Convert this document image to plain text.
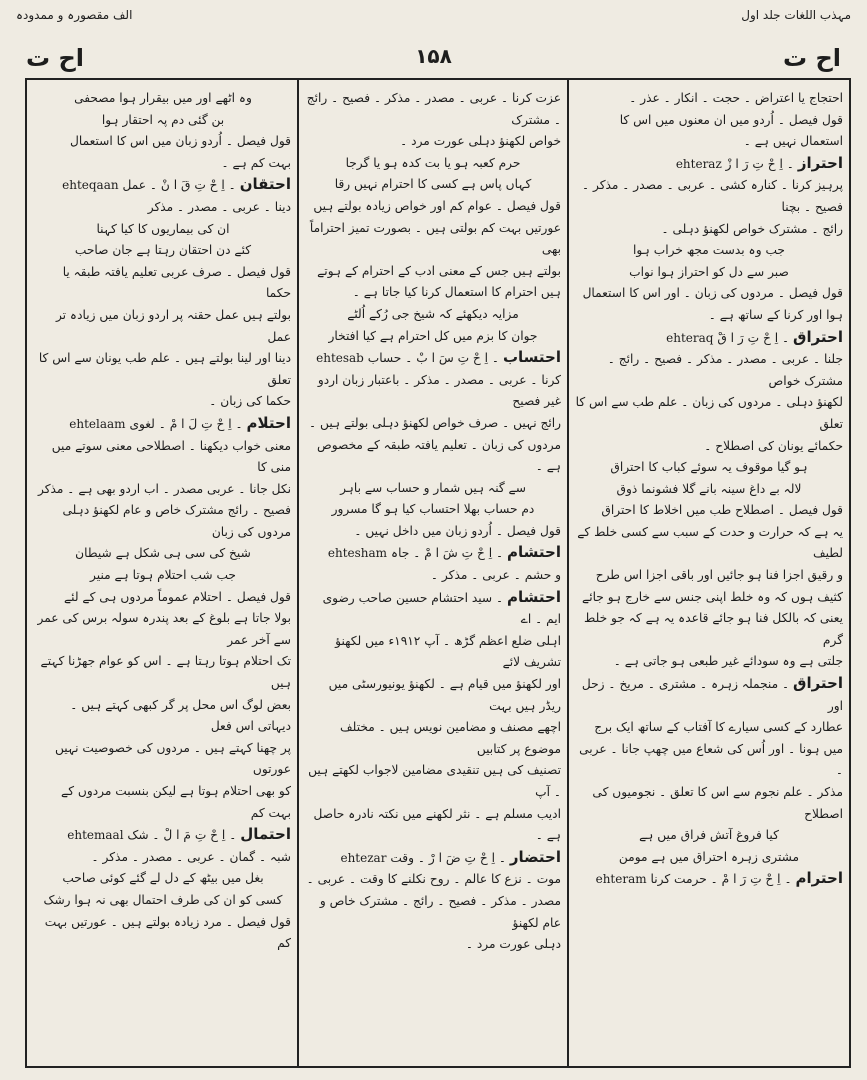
الف مقصورہ و ممدودہ	مہذب اللغات جلد اول
اح ت	۱۵۸	اح ت

احتجاج یا اعتراض ۔ حجت ۔ انکار ۔ عذر ۔

قول فیصل ۔ اُردو میں ان معنوں میں اس کا

استعمال نہیں ہے ۔

احتراز ۔ اِ حْ تِ رَ ا زْ ehteraz

پرہیز کرنا ۔ کنارہ کشی ۔ عربی ۔ مصدر ۔ مذکر ۔ فصیح ۔ بچنا

رائج ۔ مشترک خواص لکھنؤ دہلی ۔

جب وہ بدست مجھ خراب ہوا

صبر سے دل کو احتراز ہوا نواب

قول فیصل ۔ مردوں کی زبان ۔ اور اس کا استعمال

ہوا اور کرنا کے ساتھ ہے ۔

احتراق ۔ اِ حْ تِ رَ ا قْ ehteraq

جلنا ۔ عربی ۔ مصدر ۔ مذکر ۔ فصیح ۔ رائج ۔ مشترک خواص

لکھنؤ دہلی ۔ مردوں کی زبان ۔ علم طب سے اس کا تعلق

حکمائے یونان کی اصطلاح ۔

ہو گیا موقوف یہ سوئے کباب کا احتراق

لالہ بے داغ سینہ بانے گلا فشونما ذوق

قول فیصل ۔ اصطلاح طب میں اخلاط کا احتراق

یہ ہے کہ حرارت و حدت کے سبب سے کسی خلط کے لطیف

و رقیق اجزا فنا ہو جائیں اور باقی اجزا اس طرح

کثیف ہوں کہ وہ خلط اپنی جنس سے خارج ہو جائے

یعنی کہ بالکل فنا ہو جائے قاعدہ یہ ہے کہ جو خلط گرم

جلتی ہے وہ سودائے غیر طبعی ہو جاتی ہے ۔

احتراق ۔ منجملہ زہرہ ۔ مشتری ۔ مریخ ۔ زحل اور

عطارد کے کسی سیارے کا آفتاب کے ساتھ ایک برج

میں ہونا ۔ اور اُس کی شعاع میں چھپ جانا ۔ عربی ۔

مذکر ۔ علم نجوم سے اس کا تعلق ۔ نجومیوں کی اصطلاح

کیا فروغ آتش فراق میں ہے

مشتری زہرہ احتراق میں ہے مومن

احترام ۔ اِ حْ تِ رَ ا مْ ۔ حرمت کرنا ehteram

عزت کرنا ۔ عربی ۔ مصدر ۔ مذکر ۔ فصیح ۔ رائج ۔ مشترک

خواص لکھنؤ دہلی عورت مرد ۔

حرم کعبہ ہو یا بت کدہ ہو یا گرجا

کہاں پاس ہے کسی کا احترام نہیں رقا

قول فیصل ۔ عوام کم اور خواص زیادہ بولتے ہیں

عورتیں بہت کم بولتی ہیں ۔ بصورت تمیز احتراماً بھی

بولتے ہیں جس کے معنی ادب کے احترام کے ہوتے

ہیں احترام کا استعمال کرنا کیا جاتا ہے ۔

مزایہ دیکھئے کہ شیخ جی رُکے اُلٹے

جوان کا بزم میں کل احترام ہے کیا افتخار

احتساب ۔ اِ حْ تِ سَ ا بْ ۔ حساب ehtesab

کرنا ۔ عربی ۔ مصدر ۔ مذکر ۔ باعتبار زبان اردو غیر فصیح

رائج نہیں ۔ صرف خواص لکھنؤ دہلی بولتے ہیں ۔

مردوں کی زبان ۔ تعلیم یافتہ طبقہ کے مخصوص ہے ۔

سے گنہ ہیں شمار و حساب سے باہر

دم حساب بھلا احتساب کیا ہو گا مسرور

قول فیصل ۔ اُردو زبان میں داخل نہیں ۔

احتشام ۔ اِ حْ تِ شَ ا مْ ۔ جاہ ehtesham

و حشم ۔ عربی ۔ مذکر ۔

احتشام ۔ سید احتشام حسین صاحب رضوی ایم ۔ اے

اہلی ضلع اعظم گڑھ ۔ آپ ۱۹۱۲ء میں لکھنؤ تشریف لائے

اور لکھنؤ میں قیام ہے ۔ لکھنؤ یونیورسٹی میں ریڈر ہیں بہت

اچھے مصنف و مضامین نویس ہیں ۔ مختلف موضوع پر کتابیں

تصنیف کی ہیں تنقیدی مضامین لاجواب لکھتے ہیں ۔ آپ

ادیب مسلم ہے ۔ نثر لکھنے میں نکتہ نادرہ حاصل ہے ۔

احتضار ۔ اِ حْ تِ ضَ ا رْ ۔ وقت ehtezar

موت ۔ نزع کا عالم ۔ روح نکلنے کا وقت ۔ عربی ۔

مصدر ۔ مذکر ۔ فصیح ۔ رائج ۔ مشترک خاص و عام لکھنؤ

دہلی عورت مرد ۔

وہ اٹھے اور میں بیقرار ہوا مصحفی

بن گئی دم پہ احتقار ہوا

قول فیصل ۔ اُردو زبان میں اس کا استعمال

بہت کم ہے ۔

احتقان ۔ اِ حْ تِ قَ ا نْ ۔ عمل ehteqaan

دینا ۔ عربی ۔ مصدر ۔ مذکر

ان کی بیماریوں کا کیا کہنا

کئے دن احتقان رہتا ہے جان صاحب

قول فیصل ۔ صرف عربی تعلیم یافتہ طبقہ یا حکما

بولتے ہیں عمل حقنہ پر اردو زبان میں زیادہ تر عمل

دینا اور لینا بولتے ہیں ۔ علم طب یونان سے اس کا تعلق

حکما کی زبان ۔

احتلام ۔ اِ حْ تِ لَ ا مْ ۔ لغوی ehtelaam

معنی خواب دیکھنا ۔ اصطلاحی معنی سوتے میں منی کا

نکل جانا ۔ عربی مصدر ۔ اب اردو بھی ہے ۔ مذکر

فصیح ۔ رائج مشترک خاص و عام لکھنؤ دہلی مردوں کی زبان

شیخ کی سی ہی شکل ہے شیطان

جب شب احتلام ہوتا ہے منیر

قول فیصل ۔ احتلام عموماً مردوں ہی کے لئے

بولا جاتا ہے بلوغ کے بعد پندرہ سولہ برس کی عمر سے آخر عمر

تک احتلام ہوتا رہتا ہے ۔ اس کو عوام جھڑنا کہتے ہیں

بعض لوگ اس محل پر گر کبھی کہتے ہیں ۔ دیہاتی اس فعل

پر چھنا کہتے ہیں ۔ مردوں کی خصوصیت نہیں عورتوں

کو بھی احتلام ہوتا ہے لیکن بنسبت مردوں کے بہت کم

احتمال ۔ اِ حْ تِ مَ ا لْ ۔ شک ehtemaal

شبہ ۔ گمان ۔ عربی ۔ مصدر ۔ مذکر ۔

بغل میں بیٹھ کے دل لے گئے کوئی صاحب

کسی کو ان کی طرف احتمال بھی نہ ہوا رشک

قول فیصل ۔ مرد زیادہ بولتے ہیں ۔ عورتیں بہت کم
